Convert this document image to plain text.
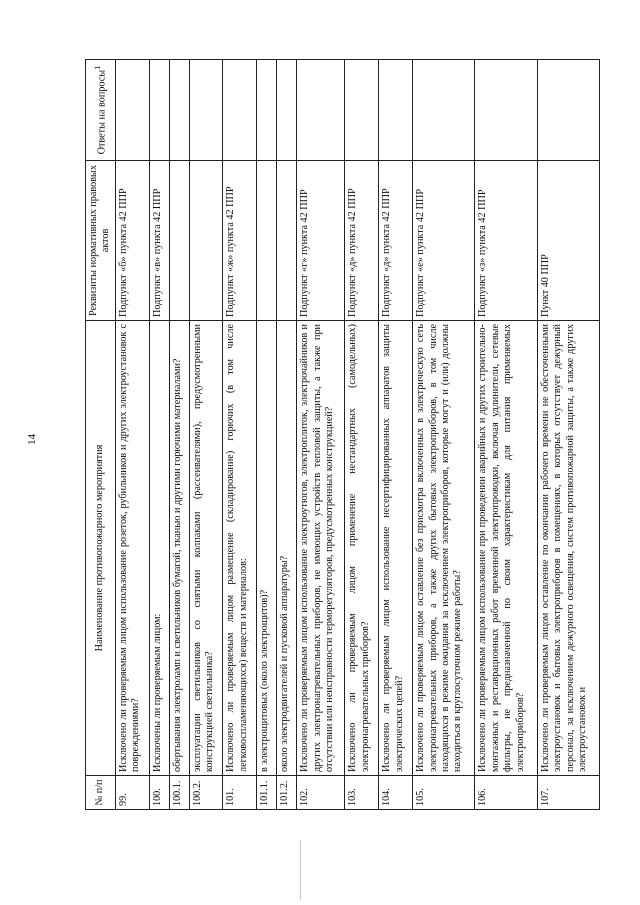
14
№ п/п	Наименование противопожарного мероприятия	Реквизиты нормативных правовых актов	Ответы на вопросы$^1$
99.	Исключено ли проверяемым лицом использование розеток, рубильников и других электроустановок с повреждениями?	Подпункт «б» пункта 42 ППР	
100.	Исключены ли проверяемым лицом:	Подпункт «в» пункта 42 ППР	
100.1.	обертывания электроламп и светильников бумагой, тканью и другими горючими материалами?		
100.2.	эксплуатации светильников со снятыми колпаками (рассеивателями), предусмотренными конструкцией светильника?		
101.	Исключено ли проверяемым лицом размещение (складирование) горючих (в том числе легковоспламеняющихся) веществ и материалов:	Подпункт «ж» пункта 42 ППР	
101.1.	в электрощитовых (около электрощитов)?		
101.2.	около электродвигателей и пусковой аппаратуры?		
102.	Исключено ли проверяемым лицом использование электроутюгов, электроплиток, электрочайников и других электронагревательных приборов, не имеющих устройств тепловой защиты, а также при отсутствии или неисправности терморегуляторов, предусмотренных конструкцией?	Подпункт «г» пункта 42 ППР	
103.	Исключено ли проверяемым лицом применение нестандартных (самодельных) электронагревательных приборов?	Подпункт «д» пункта 42 ППР	
104.	Исключено ли проверяемым лицом использование несертифицированных аппаратов защиты электрических цепей?	Подпункт «д» пункта 42 ППР	
105.	Исключено ли проверяемым лицом оставление без присмотра включенных в электрическую сеть электронагревательных приборов, а также других бытовых электроприборов, в том числе находящихся в режиме ожидания за исключением электроприборов, которые могут и (или) должны находиться в круглосуточном режиме работы?	Подпункт «е» пункта 42 ППР	
106.	Исключено ли проверяемым лицом использование при проведении аварийных и других строительно-монтажных и реставрационных работ временной электропроводки, включая удлинители, сетевые фильтры, не предназначенной по своим характеристикам для питания применяемых электроприборов?	Подпункт «з» пункта 42 ППР	
107.	Исключено ли проверяемым лицом оставление по окончании рабочего времени не обесточенными электроустановок и бытовых электроприборов в помещениях, в которых отсутствует дежурный персонал, за исключением дежурного освещения, систем противопожарной защиты, а также других электроустановок и	Пункт 40 ППР	
